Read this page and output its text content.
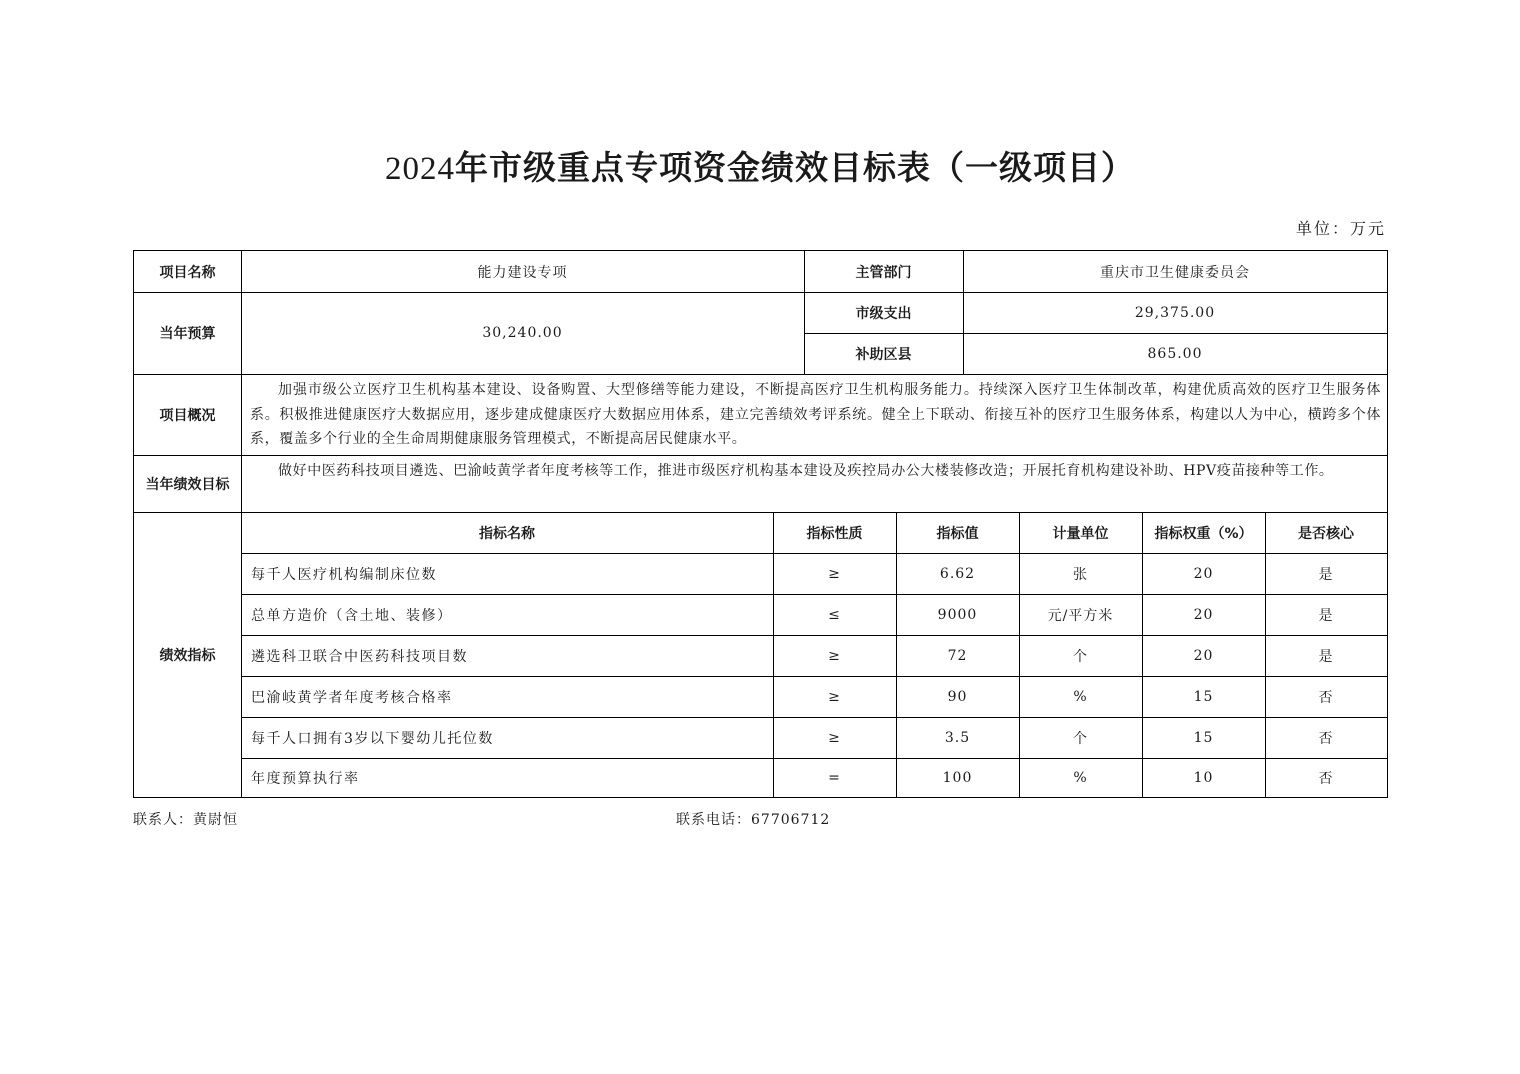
2024年市级重点专项资金绩效目标表（一级项目）
单位：万元
项目名称	能力建设专项	主管部门	重庆市卫生健康委员会
当年预算	30,240.00
市级支出	29,375.00
补助区县	865.00
项目概况
加强市级公立医疗卫生机构基本建设、设备购置、大型修缮等能力建设，不断提高医疗卫生机构服务能力。持续深入医疗卫生体制改革，构建优质高效的医疗卫生服务体系。积极推进健康医疗大数据应用，逐步建成健康医疗大数据应用体系，建立完善绩效考评系统。健全上下联动、衔接互补的医疗卫生服务体系，构建以人为中心，横跨多个体系，覆盖多个行业的全生命周期健康服务管理模式，不断提高居民健康水平。
当年绩效目标
做好中医药科技项目遴选、巴渝岐黄学者年度考核等工作，推进市级医疗机构基本建设及疾控局办公大楼装修改造；开展托育机构建设补助、HPV疫苗接种等工作。
绩效指标
指标名称	指标性质	指标值	计量单位	指标权重（%）	是否核心
每千人医疗机构编制床位数	≥	6.62	张	20	是
总单方造价（含土地、装修）	≤	9000	元/平方米	20	是
遴选科卫联合中医药科技项目数	≥	72	个	20	是
巴渝岐黄学者年度考核合格率	≥	90	%	15	否
每千人口拥有3岁以下婴幼儿托位数	≥	3.5	个	15	否
年度预算执行率	=	100	%	10	否
联系人：黄尉恒	联系电话：67706712
